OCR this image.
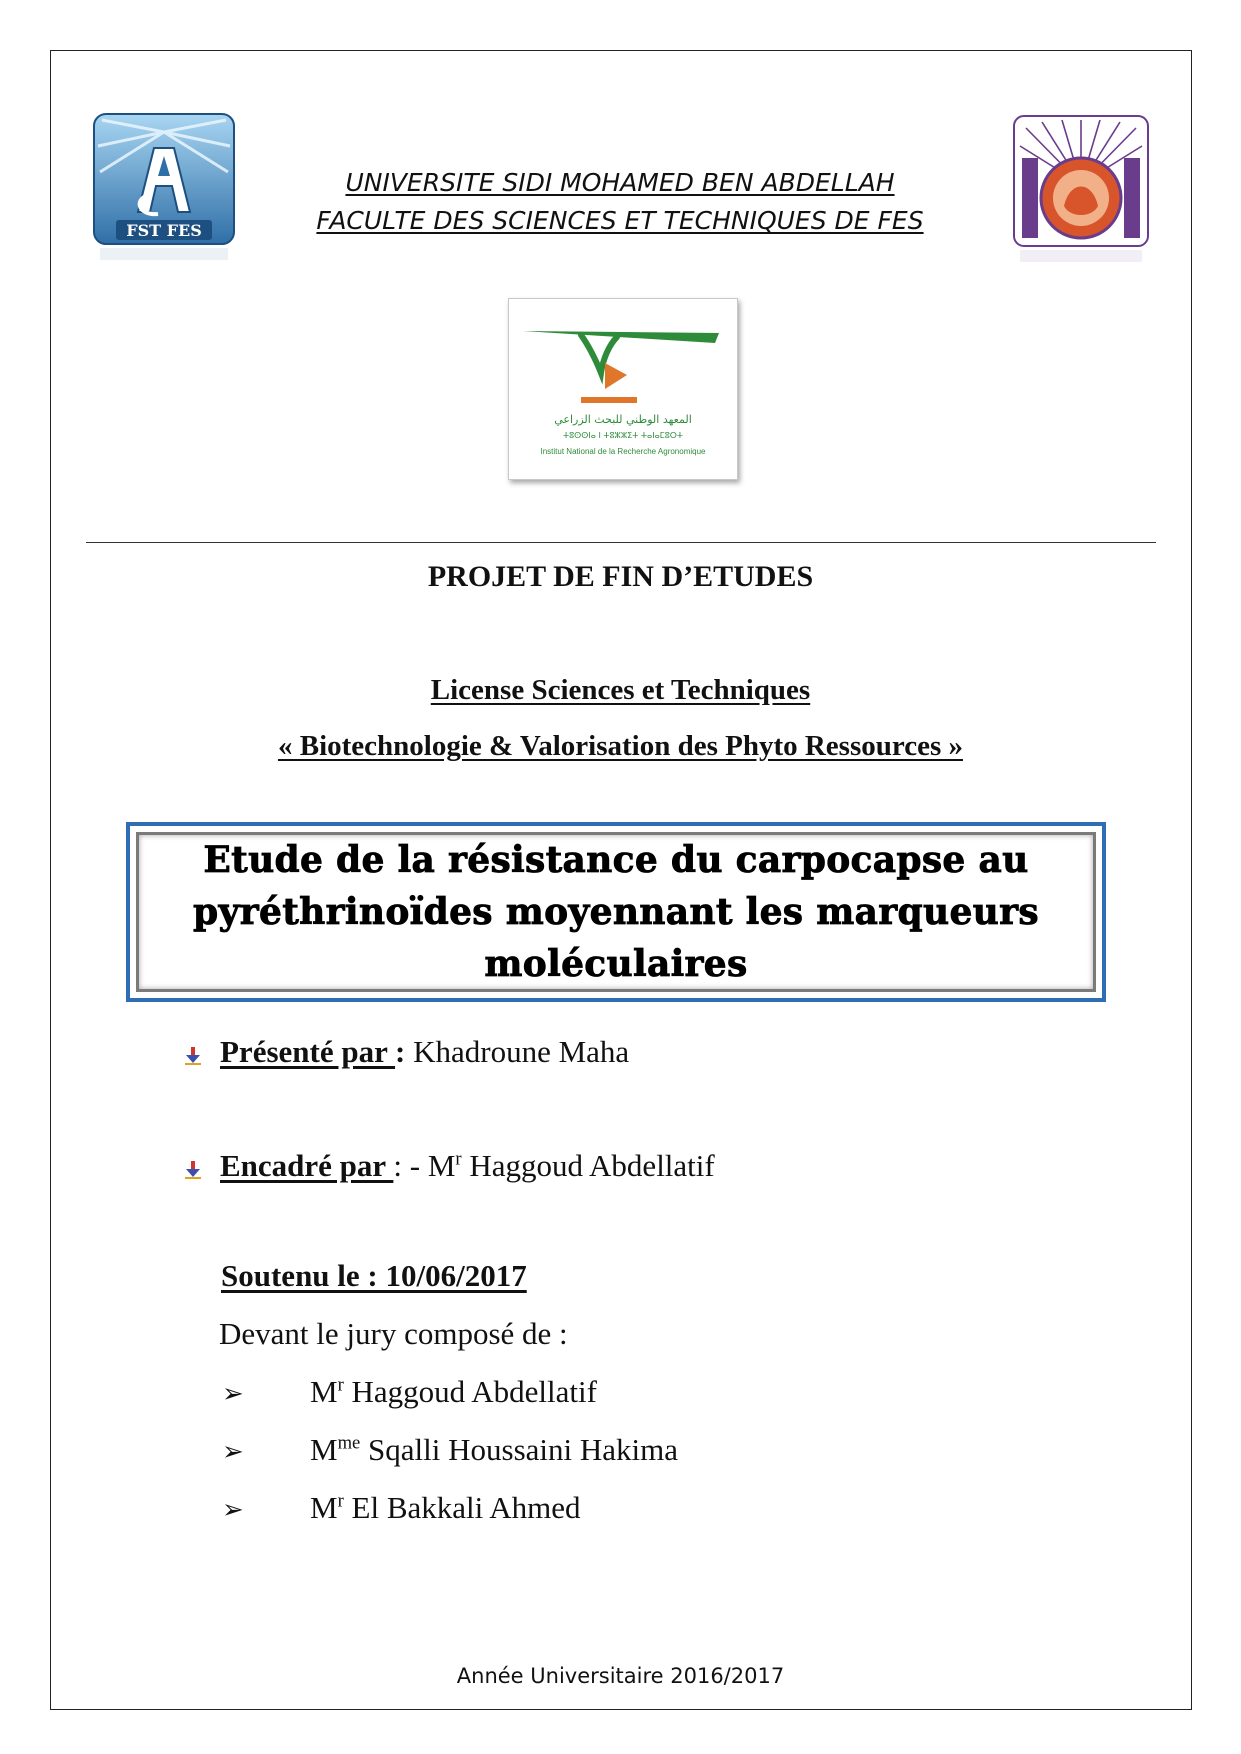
FST FES
UNIVERSITE SIDI MOHAMED BEN ABDELLAH
FACULTE DES SCIENCES ET TECHNIQUES DE FES
المعهد الوطني للبحث الزراعي
ⵜⵓⵙⵙⵏⴰ ⵏ ⵜⵓⵣⵣⵉⵜ ⵜⴰⵏⴰⵎⵓⵔⵜ
Institut National de la Recherche Agronomique
PROJET DE FIN D’ETUDES
License Sciences et Techniques
« Biotechnologie & Valorisation des Phyto Ressources »
Etude de la résistance du carpocapse au
pyréthrinoïdes moyennant les marqueurs
moléculaires
Présenté par : Khadroune Maha
Encadré par : - $M^r$ Haggoud Abdellatif
Soutenu le : 10/06/2017
Devant le jury composé de :
➢ $M^r$ Haggoud Abdellatif
➢ $M^{me}$ Sqalli Houssaini Hakima
➢ $M^r$ El Bakkali Ahmed
Année Universitaire 2016/2017
